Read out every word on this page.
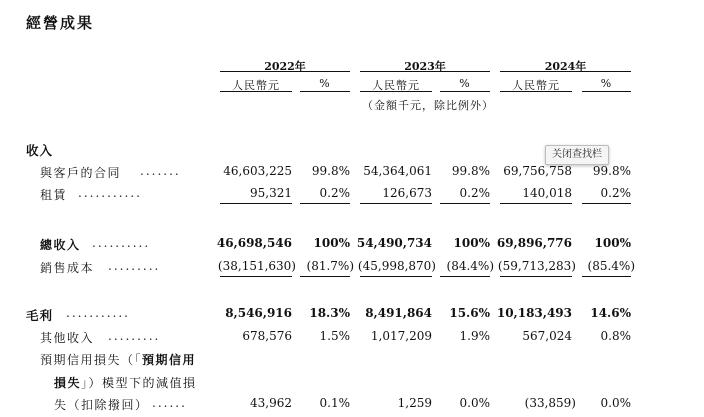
經營成果
2022年	2023年	2024年
人民幣元	%	人民幣元	%	人民幣元	%
（金額千元，除比例外）
关闭查找栏
收入
與客戶的合同 .......	46,603,225	99.8%	54,364,061	99.8%	69,756,758	99.8%
租賃 ...........	95,321	0.2%	126,673	0.2%	140,018	0.2%
總收入 ..........	46,698,546	100% 54,490,734	100% 69,896,776	100%
銷售成本 .........	(38,151,630) (81.7%) (45,998,870) (84.4%) (59,713,283) (85.4%)
毛利 ...........	8,546,916	18.3%	8,491,864	15.6% 10,183,493	14.6%
其他收入 .........	678,576	1.5%	1,017,209	1.9%	567,024	0.8%
預期信用損失（「預期信用
損失」）模型下的減值損
失（扣除撥回） ......	43,962	0.1%	1,259	0.0%	(33,859)	0.0%
